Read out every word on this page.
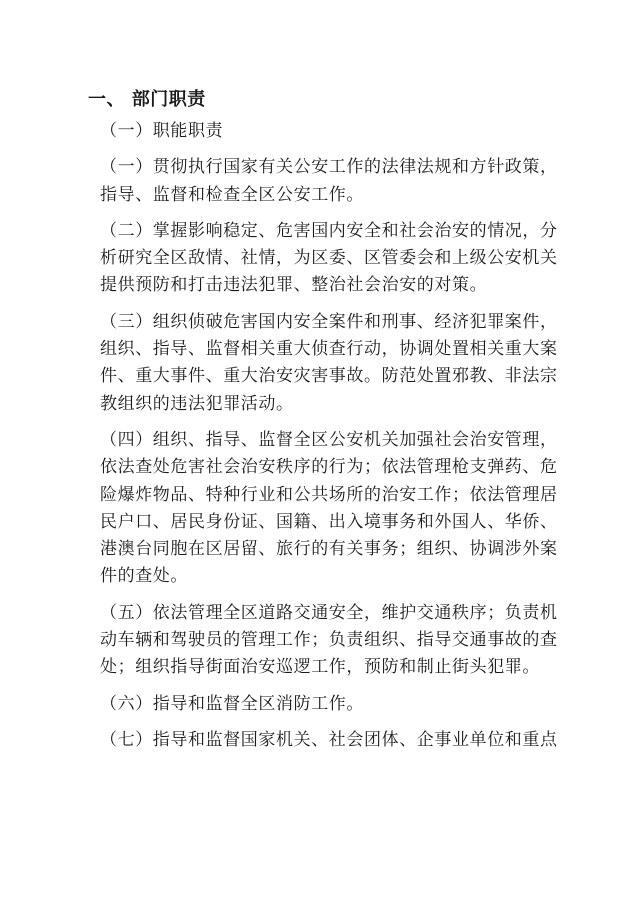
一、 部门职责

（一）职能职责

（一）贯彻执行国家有关公安工作的法律法规和方针政策，
指导、监督和检查全区公安工作。

（二）掌握影响稳定、危害国内安全和社会治安的情况，分
析研究全区敌情、社情，为区委、区管委会和上级公安机关
提供预防和打击违法犯罪、整治社会治安的对策。

（三）组织侦破危害国内安全案件和刑事、经济犯罪案件，
组织、指导、监督相关重大侦查行动，协调处置相关重大案
件、重大事件、重大治安灾害事故。防范处置邪教、非法宗
教组织的违法犯罪活动。

（四）组织、指导、监督全区公安机关加强社会治安管理，
依法查处危害社会治安秩序的行为；依法管理枪支弹药、危
险爆炸物品、特种行业和公共场所的治安工作；依法管理居
民户口、居民身份证、国籍、出入境事务和外国人、华侨、
港澳台同胞在区居留、旅行的有关事务；组织、协调涉外案
件的查处。

（五）依法管理全区道路交通安全，维护交通秩序；负责机
动车辆和驾驶员的管理工作；负责组织、指导交通事故的查
处；组织指导街面治安巡逻工作，预防和制止街头犯罪。

（六）指导和监督全区消防工作。

（七）指导和监督国家机关、社会团体、企事业单位和重点
